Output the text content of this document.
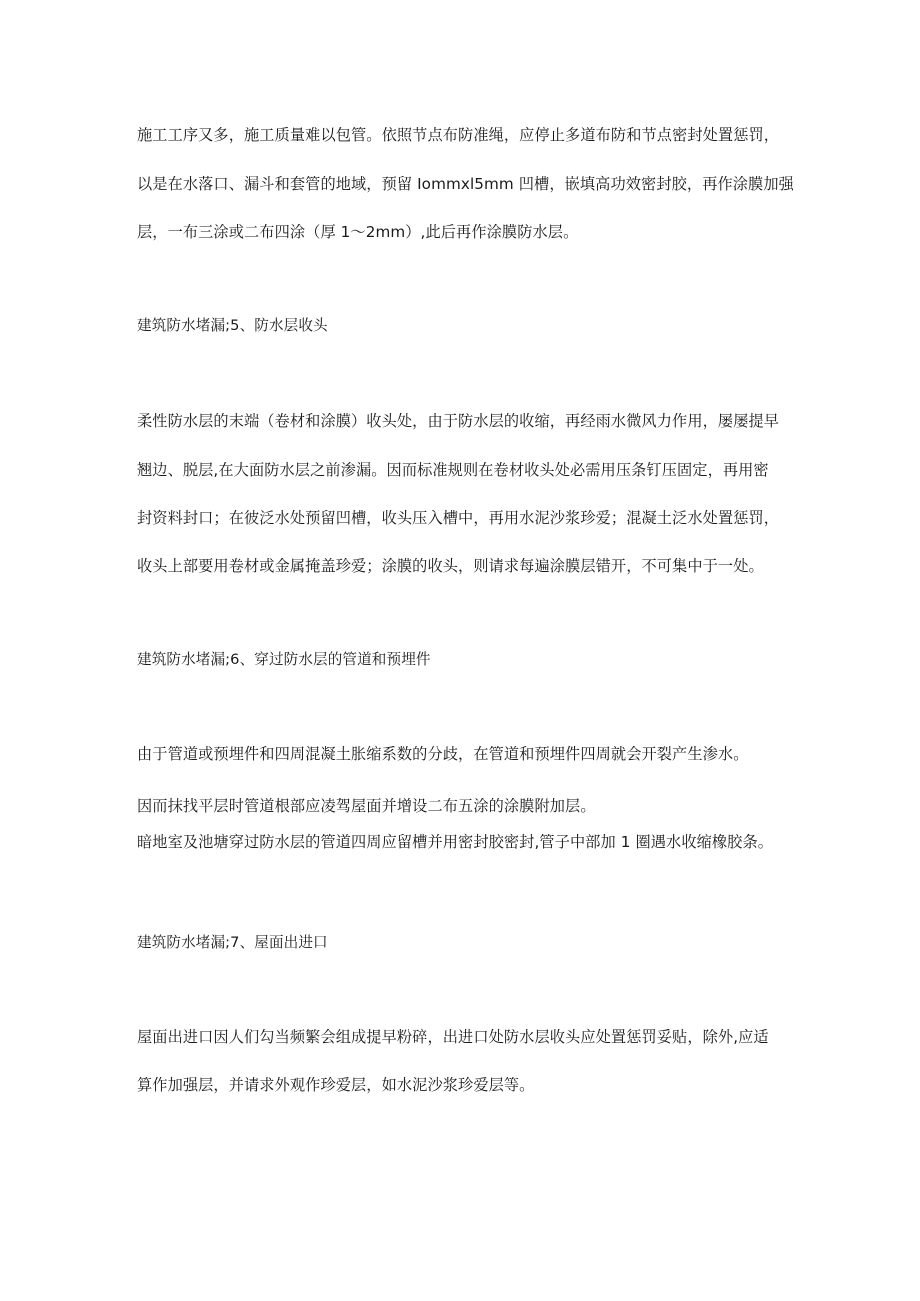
施工工序又多，施工质量难以包管。依照节点布防准绳，应停止多道布防和节点密封处置惩罚，
以是在水落口、漏斗和套管的地域，预留 Iommxl5mm 凹槽，嵌填高功效密封胶，再作涂膜加强
层，一布三涂或二布四涂（厚 1～2mm）,此后再作涂膜防水层。
建筑防水堵漏;5、防水层收头
柔性防水层的末端（卷材和涂膜）收头处，由于防水层的收缩，再经雨水微风力作用，屡屡提早
翘边、脱层,在大面防水层之前渗漏。因而标准规则在卷材收头处必需用压条钉压固定，再用密
封资料封口；在彼泛水处预留凹槽，收头压入槽中，再用水泥沙浆珍爱；混凝土泛水处置惩罚，
收头上部要用卷材或金属掩盖珍爱；涂膜的收头，则请求每遍涂膜层错开，不可集中于一处。
建筑防水堵漏;6、穿过防水层的管道和预埋件
由于管道或预埋件和四周混凝土胀缩系数的分歧，在管道和预埋件四周就会开裂产生渗水。
因而抹找平层时管道根部应凌驾屋面并增设二布五涂的涂膜附加层。
暗地室及池塘穿过防水层的管道四周应留槽并用密封胶密封,管子中部加 1 圈遇水收缩橡胶条。
建筑防水堵漏;7、屋面出进口
屋面出进口因人们勾当频繁会组成提早粉碎，出进口处防水层收头应处置惩罚妥贴，除外,应适
算作加强层，并请求外观作珍爱层，如水泥沙浆珍爱层等。
